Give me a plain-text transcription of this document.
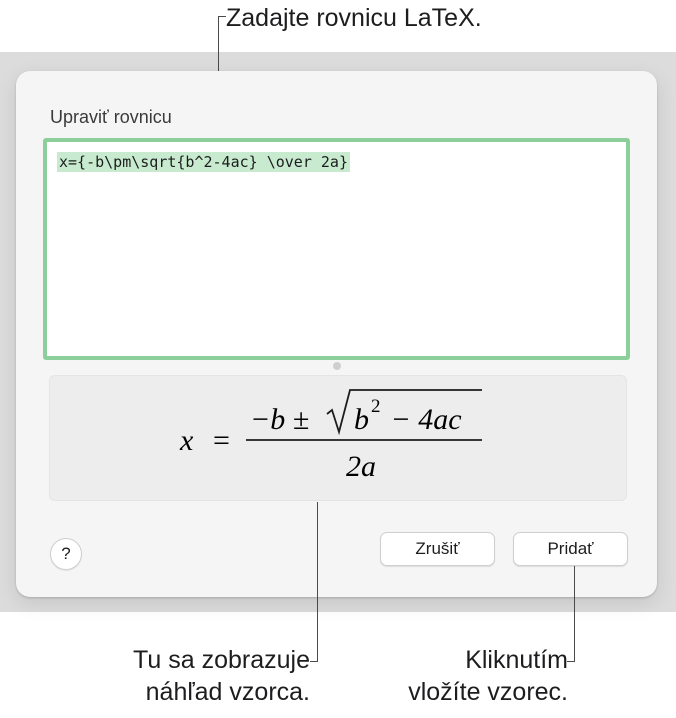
Zadajte rovnicu LaTeX.
Upraviť rovnicu
x={-b\pm\sqrt{b^2-4ac} \over 2a}
x =
−b ± b 2 − 4ac
2a
?	Zrušiť	Pridať
Tu sa zobrazuje
náhľad vzorca.
Kliknutím
vložíte vzorec.
